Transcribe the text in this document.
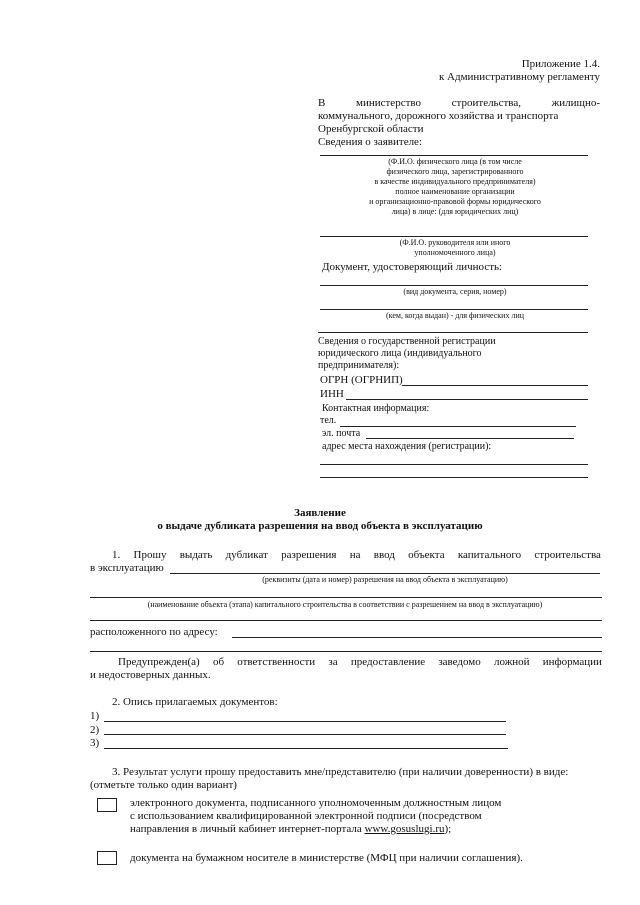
Приложение 1.4.
к Административному регламенту
В	министерство	строительства,	жилищно-
коммунального, дорожного хозяйства и транспорта
Оренбургской области
Сведения о заявителе:
(Ф.И.О. физического лица (в том числе
физического лица, зарегистрированного
в качестве индивидуального предпринимателя)
полное наименование организации
и организационно-правовой формы юридического
лица) в лице: (для юридических лиц)
(Ф.И.О. руководителя или иного
уполномоченного лица)
Документ, удостоверяющий личность:
(вид документа, серия, номер)
(кем, когда выдан) - для физических лиц
Сведения о государственной регистрации
юридического лица (индивидуального
предпринимателя):
ОГРН (ОГРНИП)
ИНН
Контактная информация:
тел.
эл. почта
адрес места нахождения (регистрации):
Заявление
о выдаче дубликата разрешения на ввод объекта в эксплуатацию
1. Прошу выдать дубликат разрешения на ввод объекта капитального строительства
в эксплуатацию
(реквизиты (дата и номер) разрешения на ввод объекта в эксплуатацию)
(наименование объекта (этапа) капитального строительства в соответствии с разрешением на ввод в эксплуатацию)
расположенного по адресу:
Предупрежден(а) об ответственности за предоставление заведомо ложной информации
и недостоверных данных.
2. Опись прилагаемых документов:
1)
2)
3)
3. Результат услуги прошу предоставить мне/представителю (при наличии доверенности) в виде:
(отметьте только один вариант)
электронного документа, подписанного уполномоченным должностным лицом
с использованием квалифицированной электронной подписи (посредством
направления в личный кабинет интернет-портала www.gosuslugi.ru);
документа на бумажном носителе в министерстве (МФЦ при наличии соглашения).
